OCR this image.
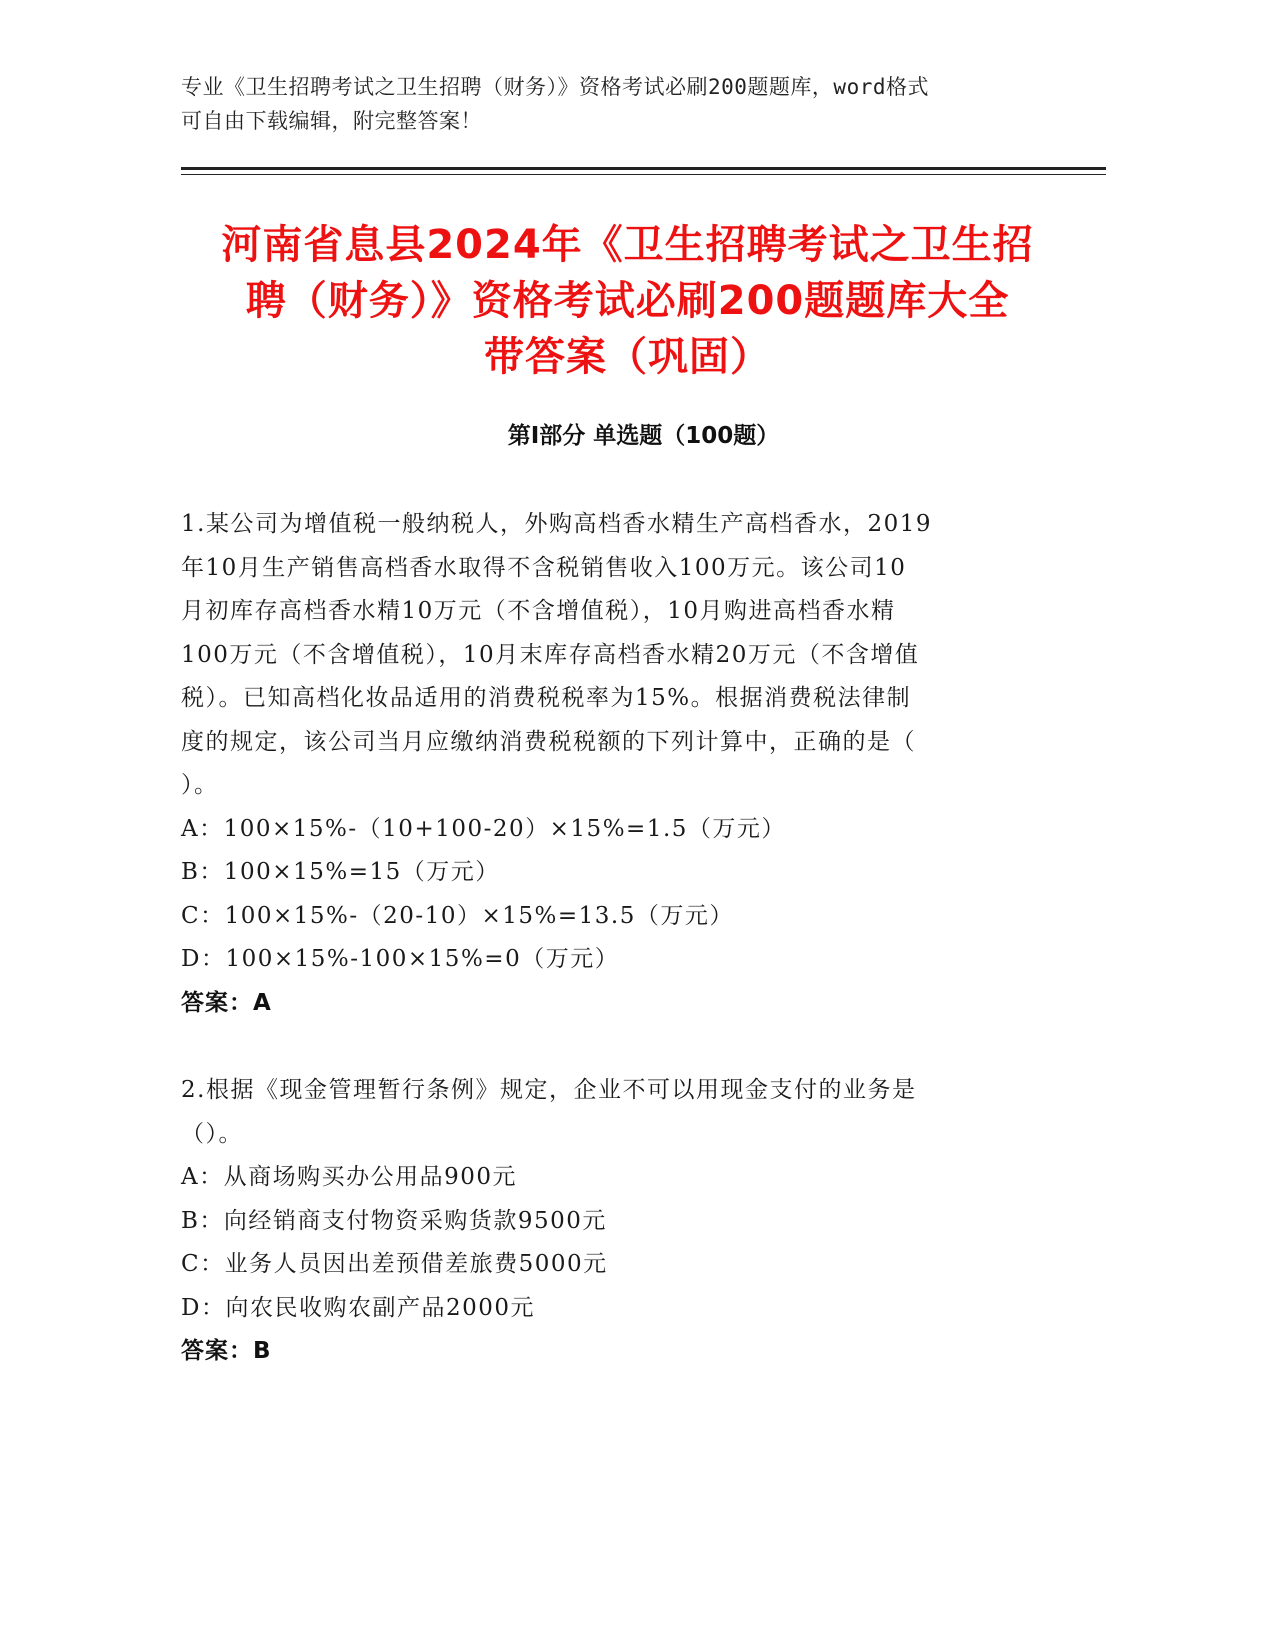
专业《卫生招聘考试之卫生招聘（财务）》资格考试必刷200题题库，word格式
可自由下载编辑，附完整答案！
河南省息县2024年《卫生招聘考试之卫生招
聘（财务）》资格考试必刷200题题库大全
带答案（巩固）
第Ⅰ部分 单选题（100题）

1.某公司为增值税一般纳税人，外购高档香水精生产高档香水，2019

年10月生产销售高档香水取得不含税销售收入100万元。该公司10

月初库存高档香水精10万元（不含增值税），10月购进高档香水精

100万元（不含增值税），10月末库存高档香水精20万元（不含增值

税）。已知高档化妆品适用的消费税税率为15%。根据消费税法律制

度的规定，该公司当月应缴纳消费税税额的下列计算中，正确的是（

）。

A：100×15%-（10+100-20）×15%=1.5（万元）

B：100×15%=15（万元）

C：100×15%-（20-10）×15%=13.5（万元）

D：100×15%-100×15%=0（万元）

答案：A

2.根据《现金管理暂行条例》规定，企业不可以用现金支付的业务是

（）。

A：从商场购买办公用品900元

B：向经销商支付物资采购货款9500元

C：业务人员因出差预借差旅费5000元

D：向农民收购农副产品2000元

答案：B
